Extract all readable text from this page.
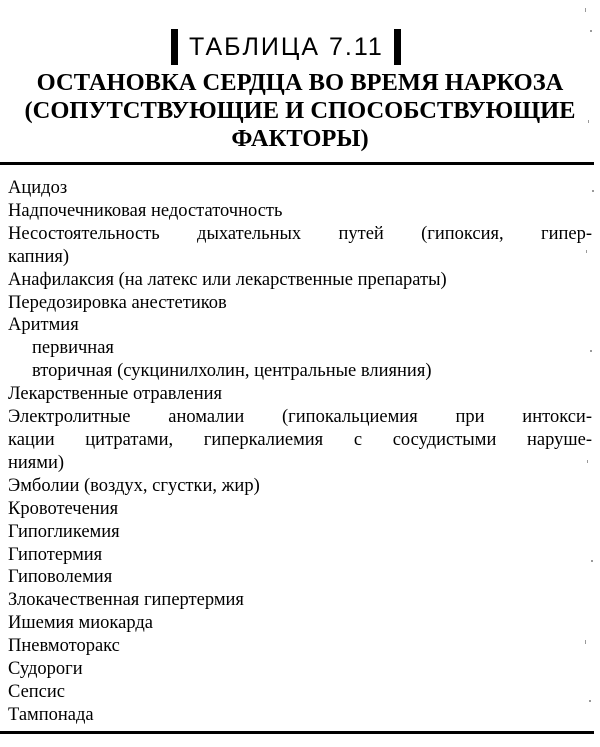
ТАБЛИЦА 7.11
ОСТАНОВКА СЕРДЦА ВО ВРЕМЯ НАРКОЗА
(СОПУТСТВУЮЩИЕ И СПОСОБСТВУЮЩИЕ
ФАКТОРЫ)
Ацидоз
Надпочечниковая недостаточность
Несостоятельность дыхательных путей (гипоксия, гипер-
капния)
Анафилаксия (на латекс или лекарственные препараты)
Передозировка анестетиков
Аритмия
первичная
вторичная (сукцинилхолин, центральные влияния)
Лекарственные отравления
Электролитные аномалии (гипокальциемия при интокси-
кации цитратами, гиперкалиемия с сосудистыми наруше-
ниями)
Эмболии (воздух, сгустки, жир)
Кровотечения
Гипогликемия
Гипотермия
Гиповолемия
Злокачественная гипертермия
Ишемия миокарда
Пневмоторакс
Судороги
Сепсис
Тампонада
